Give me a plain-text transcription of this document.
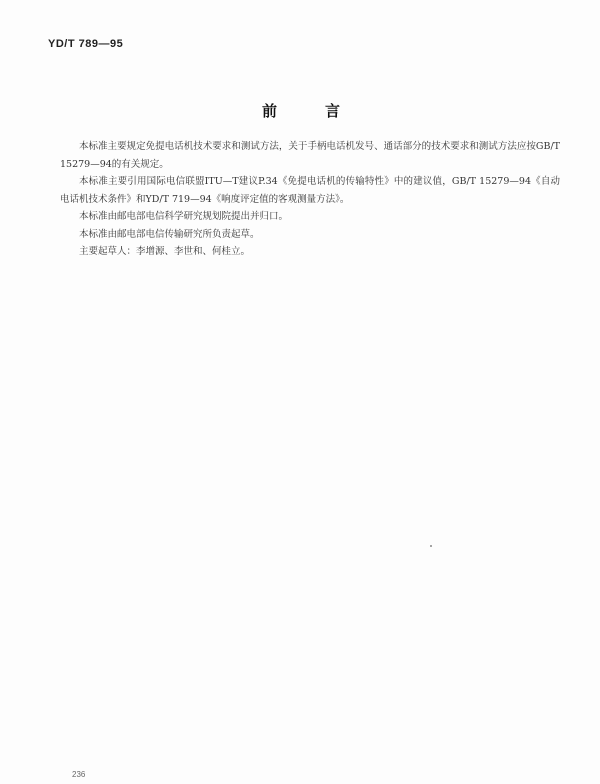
YD/T 789—95
前言

本标准主要规定免提电话机技术要求和测试方法，关于手柄电话机发号、通话部分的技术要求和测试方法应按GB/T 15279—94的有关规定。

本标准主要引用国际电信联盟ITU—T建议P.34《免提电话机的传输特性》中的建议值，GB/T 15279—94《自动电话机技术条件》和YD/T 719—94《响度评定值的客观测量方法》。

本标准由邮电部电信科学研究规划院提出并归口。

本标准由邮电部电信传输研究所负责起草。

主要起草人：李增源、李世和、何桂立。

236
